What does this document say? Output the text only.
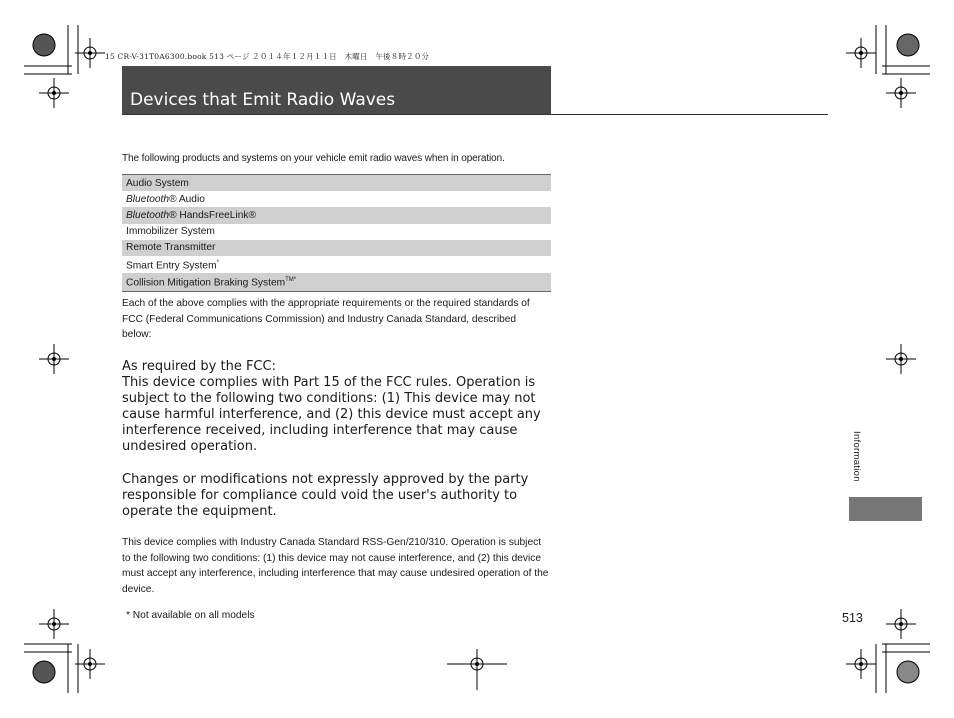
15 CR-V-31T0A6300.book 513 ページ ２０１４年１２月１１日　木曜日　午後８時２０分
Devices that Emit Radio Waves
The following products and systems on your vehicle emit radio waves when in operation.
Audio System
Bluetooth® Audio
Bluetooth® HandsFreeLink®
Immobilizer System
Remote Transmitter
Smart Entry System*
Collision Mitigation Braking System$^{TM*}$
Each of the above complies with the appropriate requirements or the required standards of FCC (Federal Communications Commission) and Industry Canada Standard, described below:
As required by the FCC:
This device complies with Part 15 of the FCC rules. Operation is subject to the following two conditions: (1) This device may not cause harmful interference, and (2) this device must accept any interference received, including interference that may cause undesired operation.
Changes or modifications not expressly approved by the party responsible for compliance could void the user's authority to operate the equipment.
This device complies with Industry Canada Standard RSS-Gen/210/310. Operation is subject to the following two conditions: (1) this device may not cause interference, and (2) this device must accept any interference, including interference that may cause undesired operation of the device.
* Not available on all models	513
Information
